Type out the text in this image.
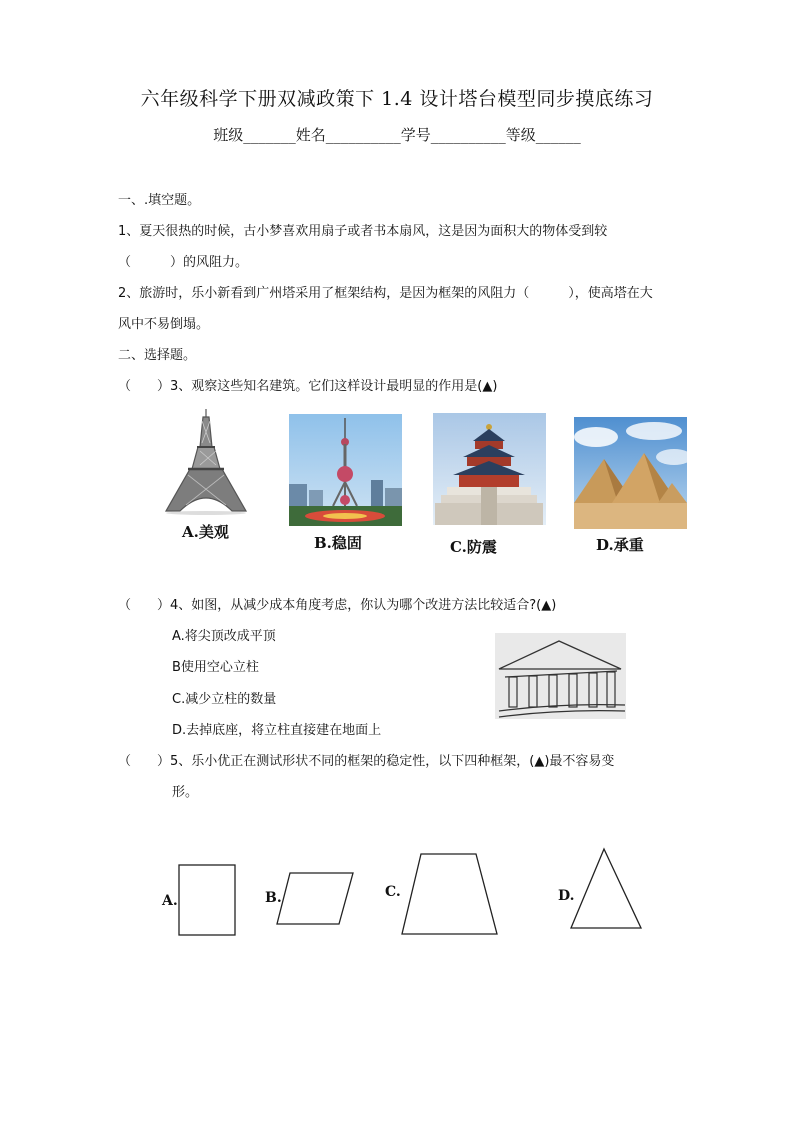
六年级科学下册双减政策下 1.4 设计塔台模型同步摸底练习
班级_______姓名__________学号__________等级______
一、.填空题。
1、夏天很热的时候，古小梦喜欢用扇子或者书本扇风，这是因为面积大的物体受到较
（　　　）的风阻力。
2、旅游时，乐小新看到广州塔采用了框架结构，是因为框架的风阻力（　　　），使高塔在大
风中不易倒塌。
二、选择题。
（　　）3、观察这些知名建筑。它们这样设计最明显的作用是(▲)
A.美观
B.稳固	C.防震	D.承重
（　　）4、如图，从减少成本角度考虑，你认为哪个改进方法比较适合?(▲)
A.将尖顶改成平顶
B使用空心立柱
C.减少立柱的数量
D.去掉底座，将立柱直接建在地面上
（　　）5、乐小优正在测试形状不同的框架的稳定性，以下四种框架，(▲)最不容易变
形。
A.	B.	C.	D.
